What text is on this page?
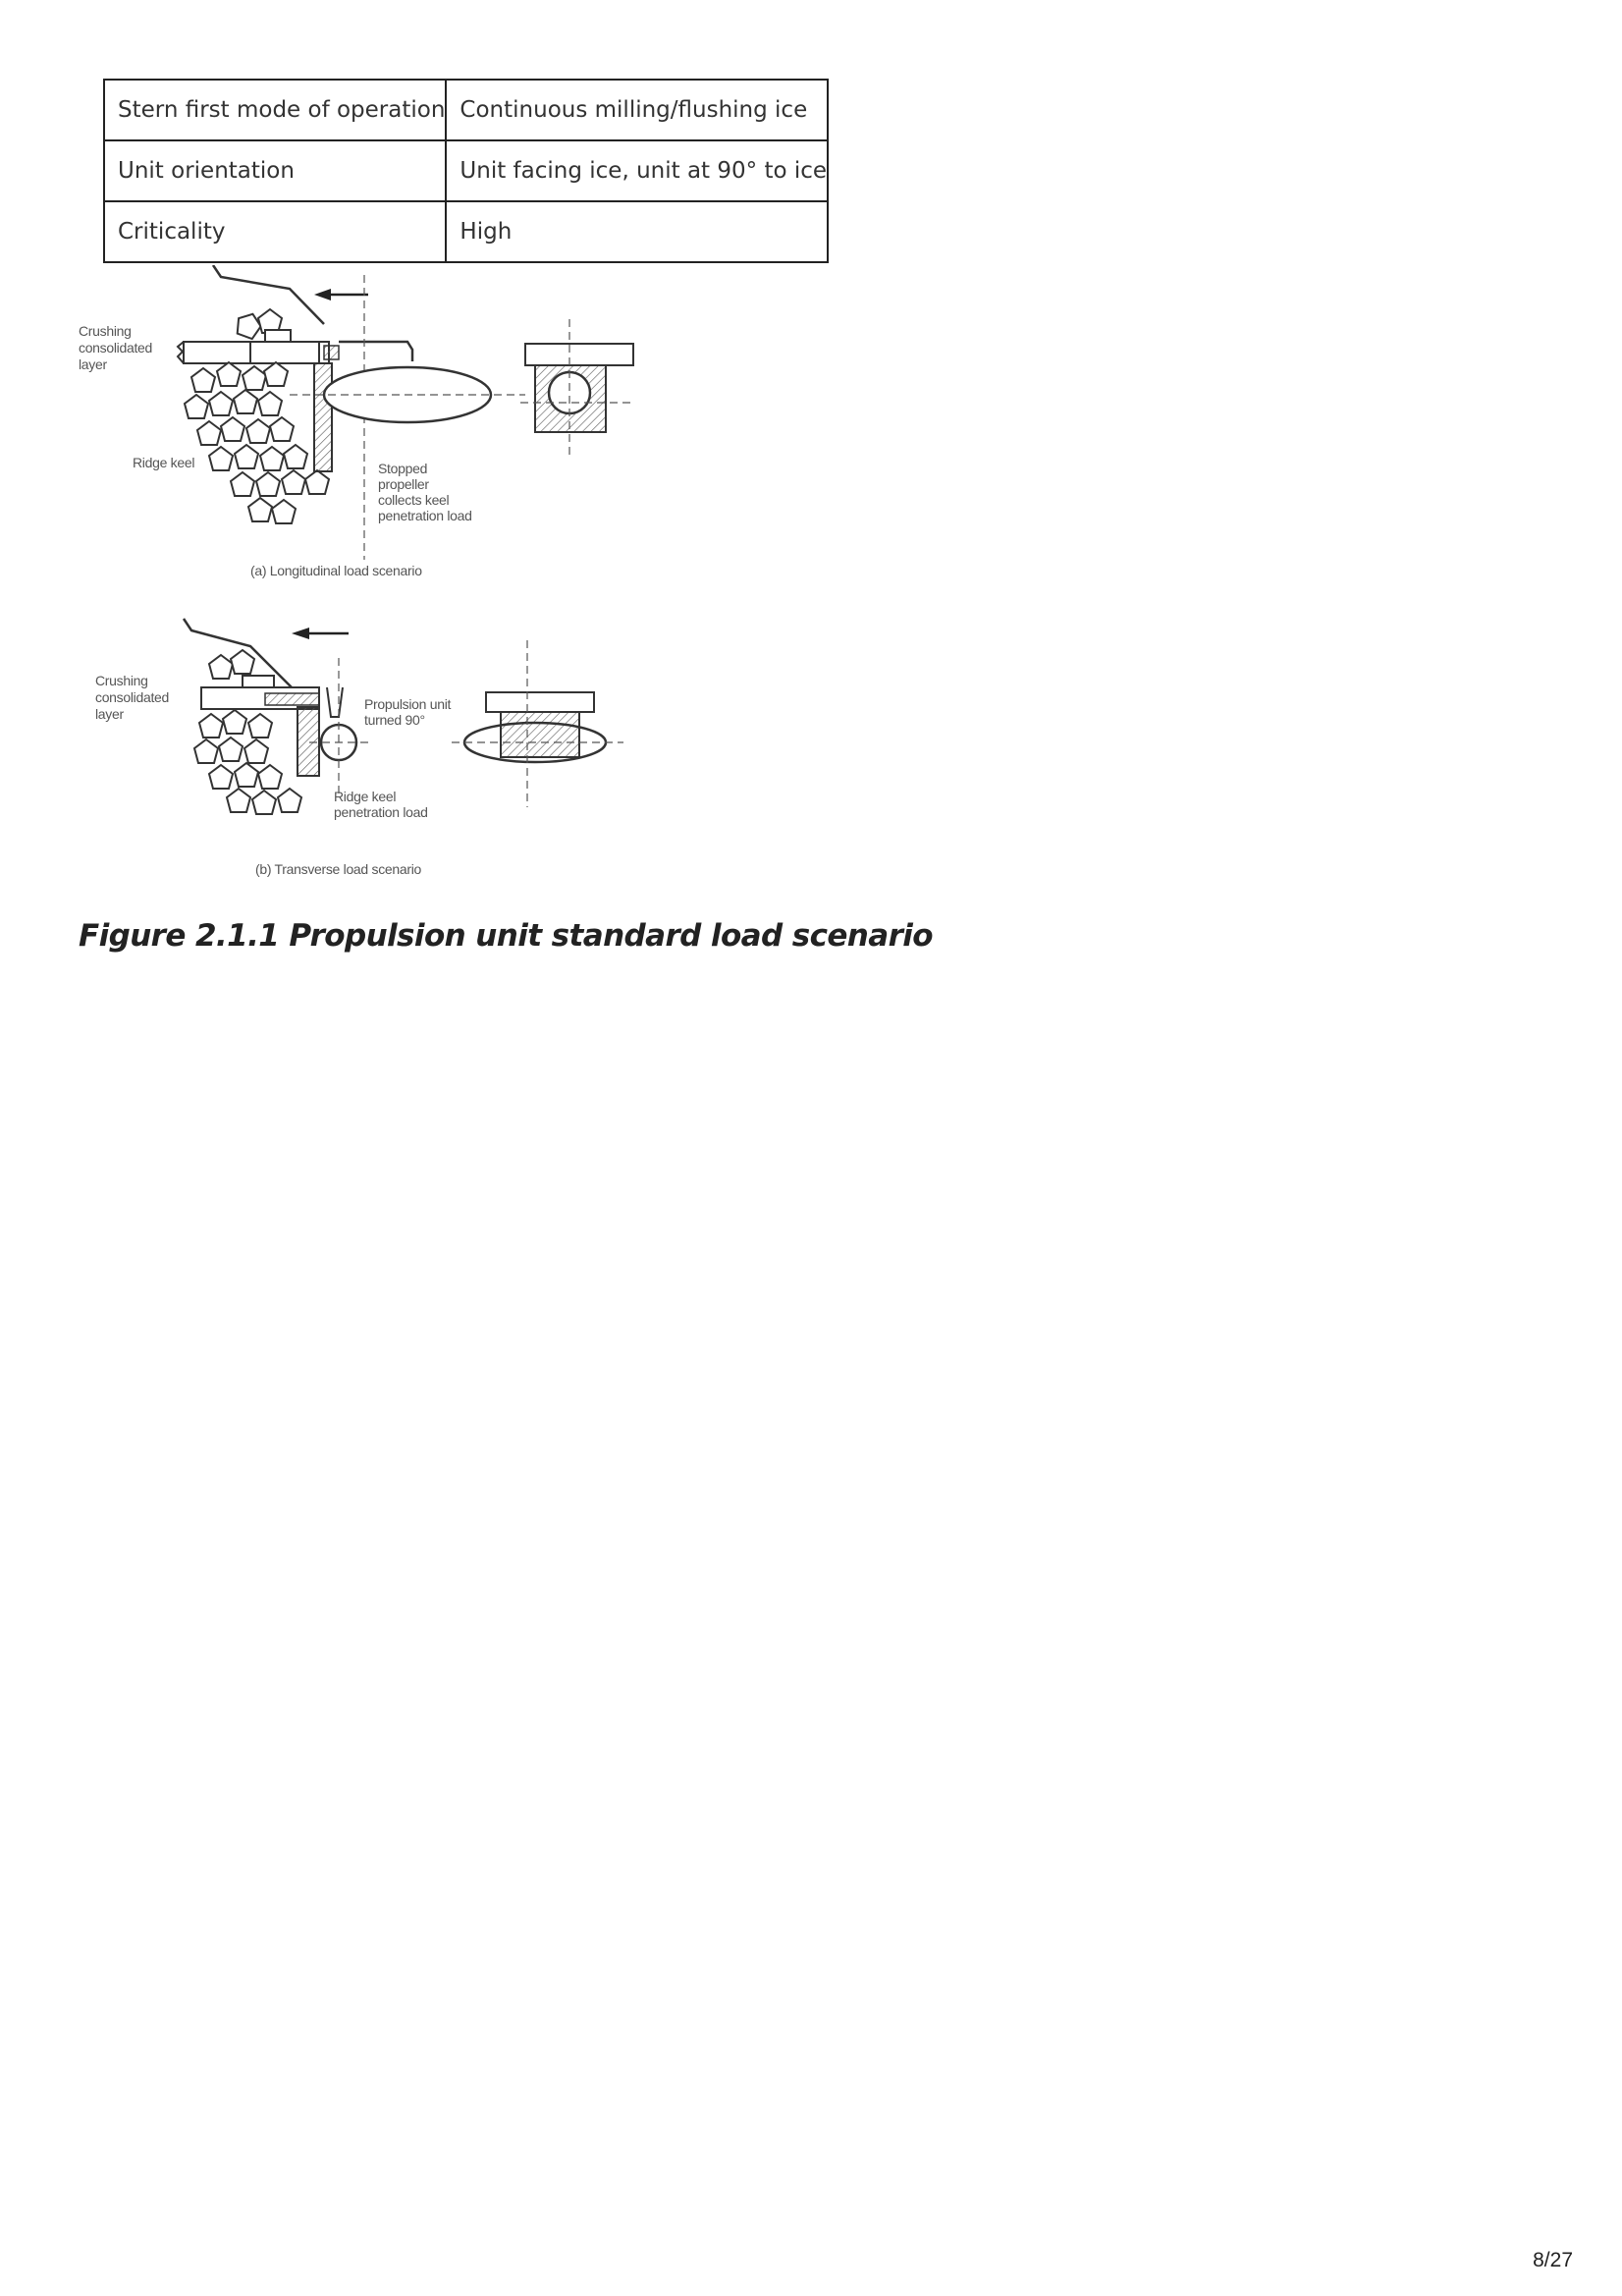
Stern first mode of operation	Continuous milling/flushing ice
Unit orientation	Unit facing ice, unit at 90° to ice
Criticality	High
Crushing
consolidated
layer
Ridge keel	Stopped
propeller
collects keel
penetration load
(a) Longitudinal load scenario
Crushing
consolidated
layer
Propulsion unit
turned 90°
Ridge keel
penetration load
(b) Transverse load scenario
Figure 2.1.1 Propulsion unit standard load scenario
8/27
